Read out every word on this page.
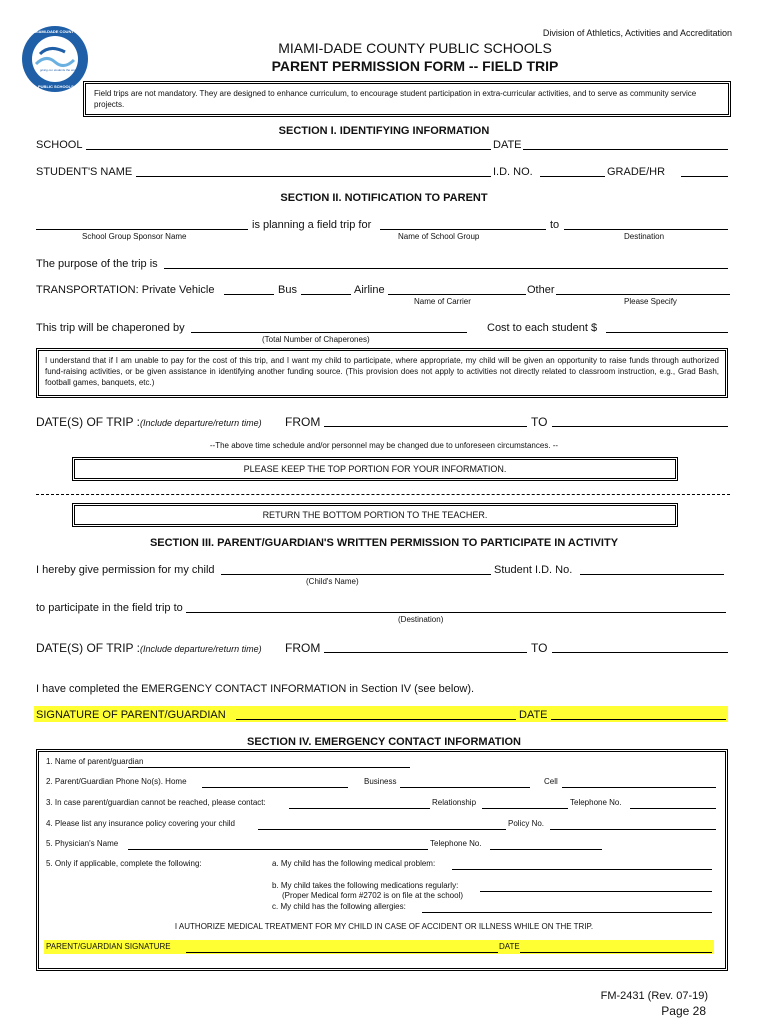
MIAMI-DADE COUNTY
giving our students the world
PUBLIC SCHOOLS
Division of Athletics, Activities and Accreditation
MIAMI-DADE COUNTY PUBLIC SCHOOLS
PARENT PERMISSION FORM -- FIELD TRIP
Field trips are not mandatory. They are designed to enhance curriculum, to encourage student participation in extra-curricular activities, and to serve as community service projects.
SECTION I. IDENTIFYING INFORMATION
SCHOOL	DATE
STUDENT'S NAME	I.D. NO.	GRADE/HR
SECTION II. NOTIFICATION TO PARENT
is planning a field trip for	to
School Group Sponsor Name	Name of School Group	Destination
The purpose of the trip is
TRANSPORTATION: Private Vehicle	Bus	Airline	Other
Name of Carrier	Please Specify
This trip will be chaperoned by	Cost to each student $
(Total Number of Chaperones)
I understand that if I am unable to pay for the cost of this trip, and I want my child to participate, where appropriate, my child will be given an opportunity to raise funds through authorized fund-raising activities, or be given assistance in identifying another funding source. (This provision does not apply to activities not directly related to classroom instruction, e.g., Grad Bash, football games, banquets, etc.)
DATE(S) OF TRIP :(Include departure/return time) FROM	TO
--The above time schedule and/or personnel may be changed due to unforeseen circumstances. --
PLEASE KEEP THE TOP PORTION FOR YOUR INFORMATION.
RETURN THE BOTTOM PORTION TO THE TEACHER.
SECTION III. PARENT/GUARDIAN'S WRITTEN PERMISSION TO PARTICIPATE IN ACTIVITY
I hereby give permission for my child	Student I.D. No.
(Child's Name)
to participate in the field trip to
(Destination)
DATE(S) OF TRIP :(Include departure/return time) FROM	TO
I have completed the EMERGENCY CONTACT INFORMATION in Section IV (see below).
SIGNATURE OF PARENT/GUARDIAN	DATE
SECTION IV. EMERGENCY CONTACT INFORMATION
1. Name of parent/guardian
2. Parent/Guardian Phone No(s). Home	Business	Cell
3. In case parent/guardian cannot be reached, please contact:	Relationship	Telephone No.
4. Please list any insurance policy covering your child	Policy No.
5. Physician's Name	Telephone No.
5. Only if applicable, complete the following:	a. My child has the following medical problem:
b. My child takes the following medications regularly:
(Proper Medical form #2702 is on file at the school)
c. My child has the following allergies:
I AUTHORIZE MEDICAL TREATMENT FOR MY CHILD IN CASE OF ACCIDENT OR ILLNESS WHILE ON THE TRIP.
PARENT/GUARDIAN SIGNATURE	DATE
FM-2431 (Rev. 07-19)
Page 28
